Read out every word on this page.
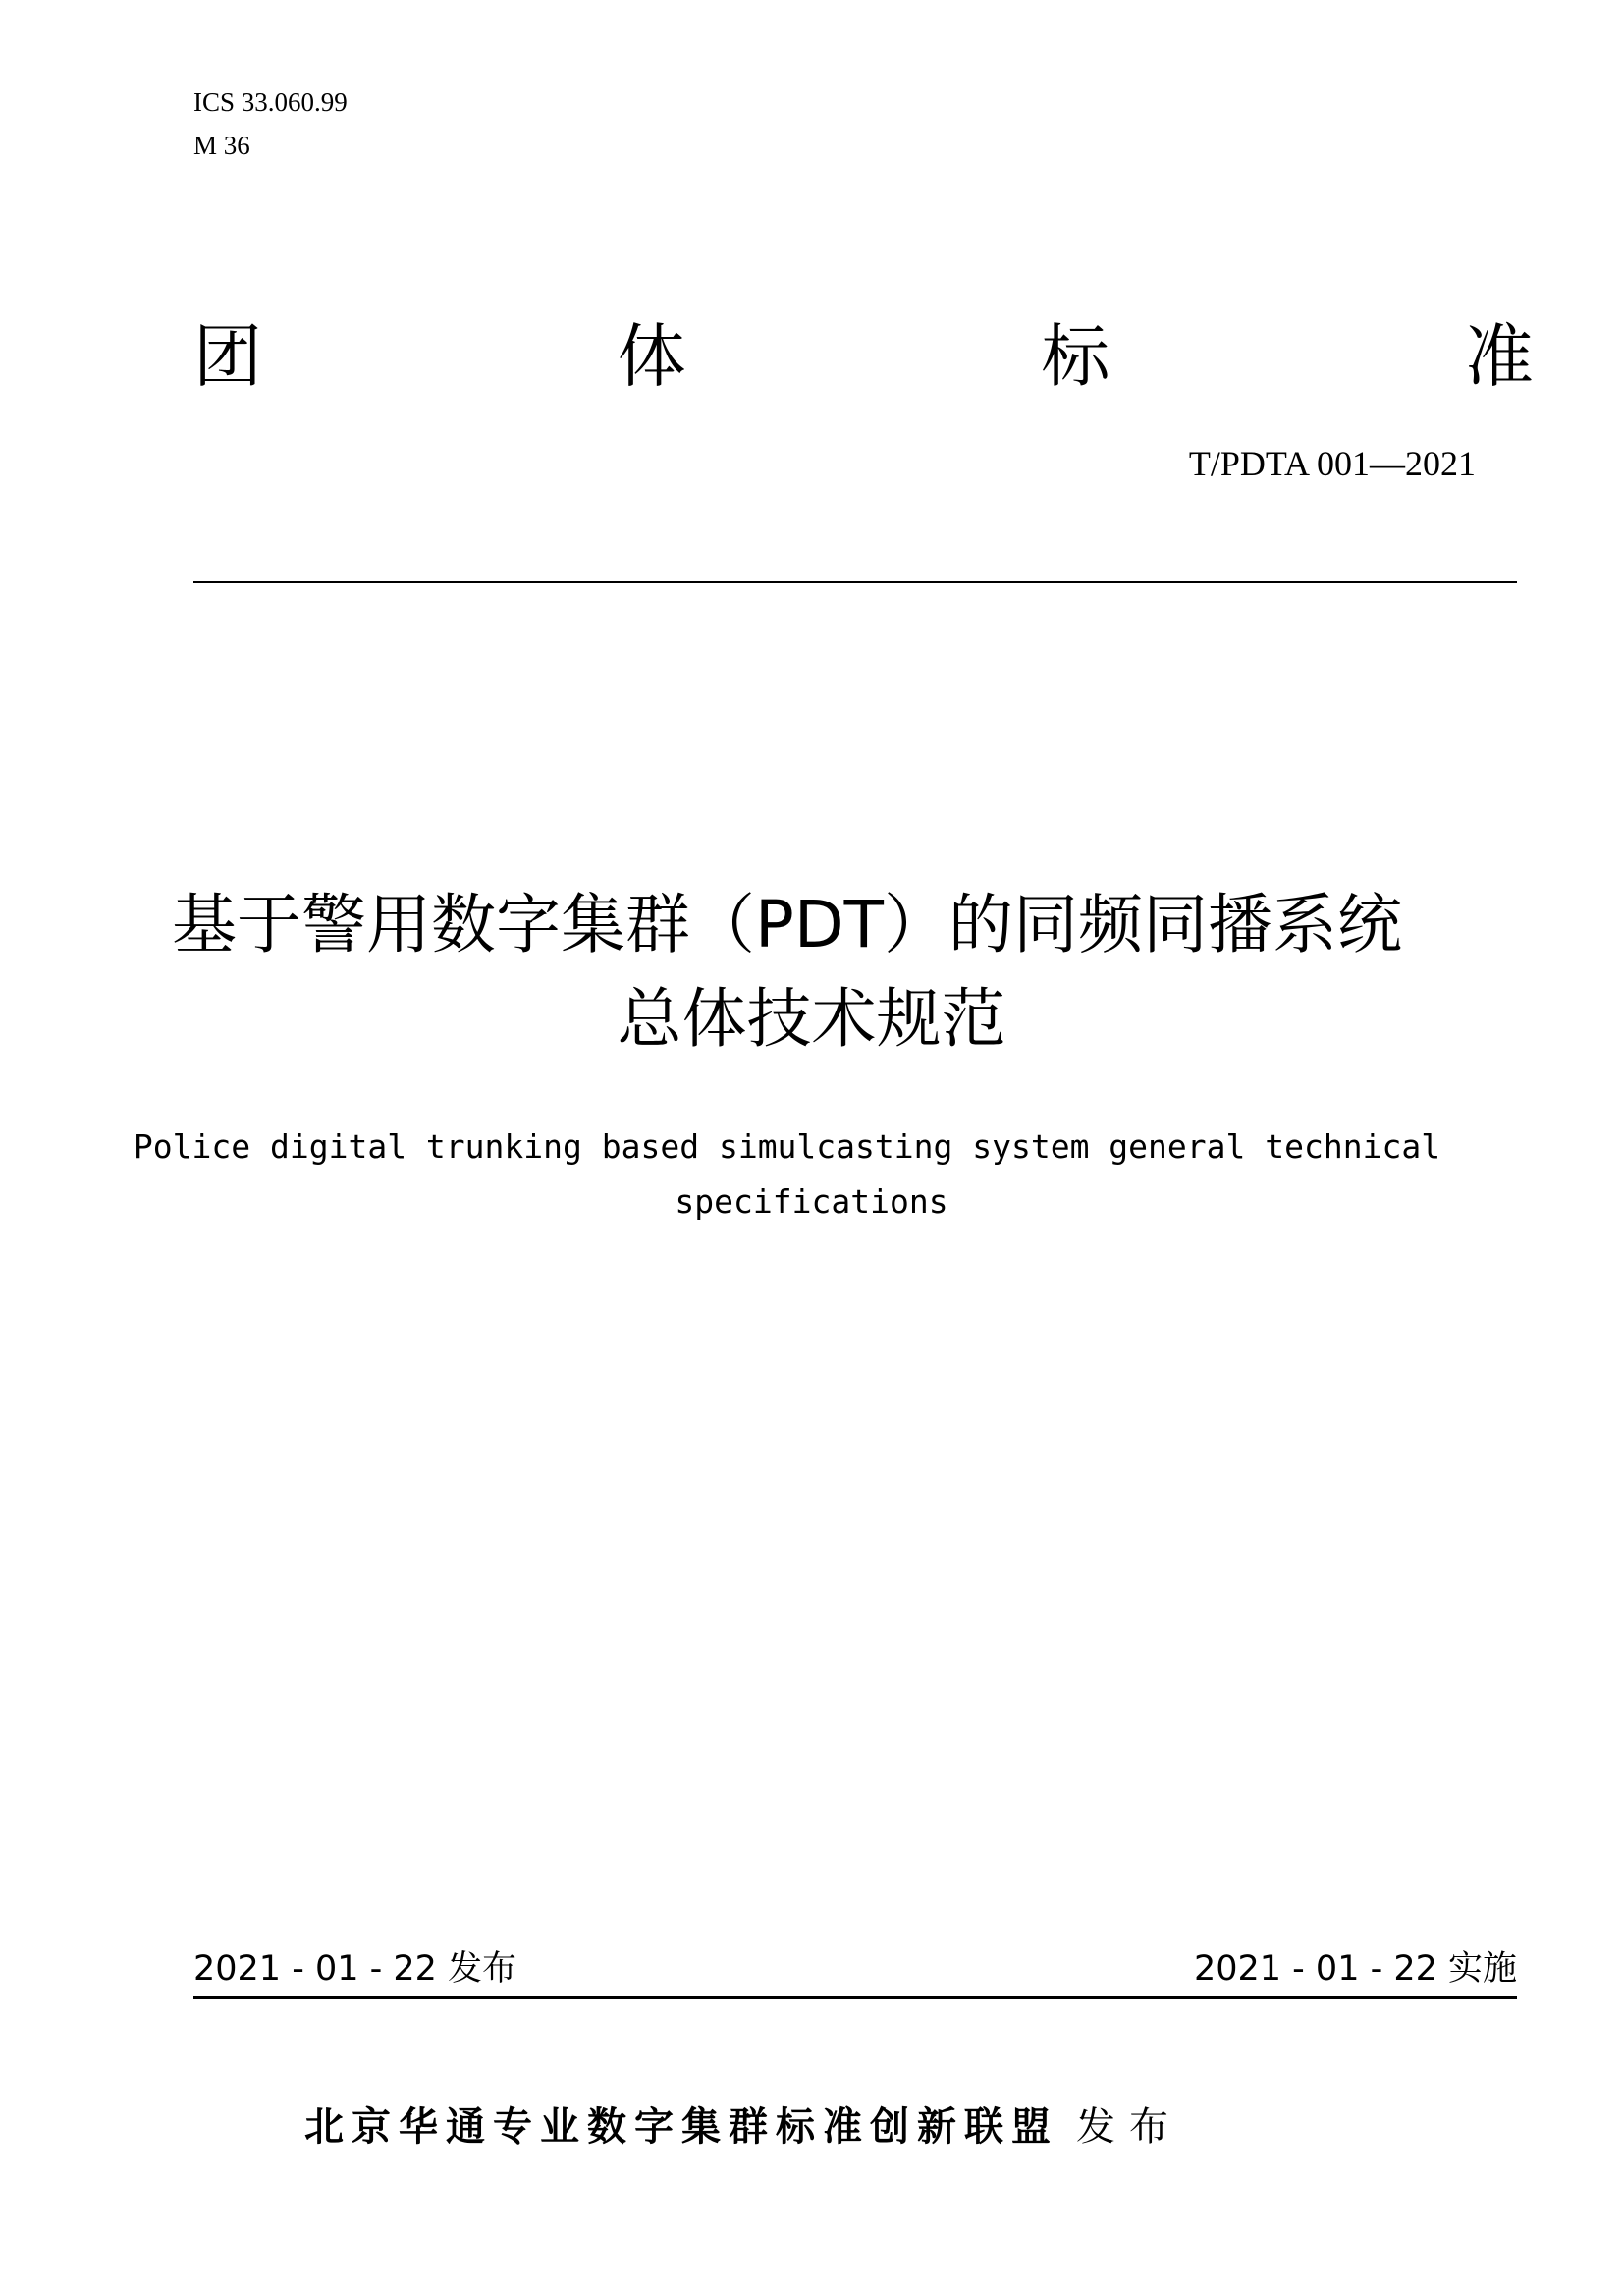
ICS 33.060.99
M 36
团	体	标	准
T/PDTA 001—2021
基于警用数字集群（PDT）的同频同播系统
总体技术规范
Police digital trunking based simulcasting system general technical
specifications
2021 - 01 - 22 发布	2021 - 01 - 22 实施
北京华通专业数字集群标准创新联盟 发布
